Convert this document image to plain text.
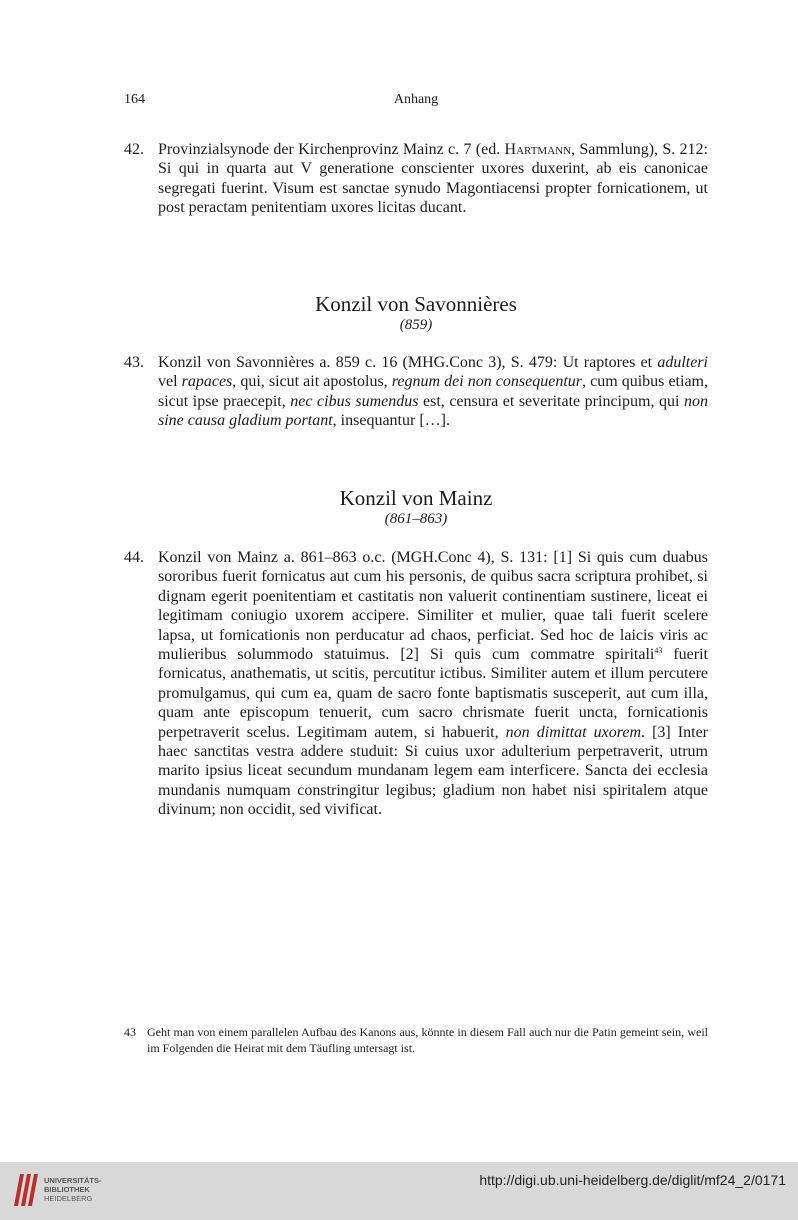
164	Anhang
42. Provinzialsynode der Kirchenprovinz Mainz c. 7 (ed. Hartmann, Sammlung), S. 212: Si qui in quarta aut V generatione conscienter uxores duxerint, ab eis canonicae segregati fuerint. Visum est sanctae synudo Magontiacensi propter fornicationem, ut post peractam penitentiam uxores licitas ducant.
Konzil von Savonnières
(859)
43. Konzil von Savonnières a. 859 c. 16 (MHG.Conc 3), S. 479: Ut raptores et adulteri vel rapaces, qui, sicut ait apostolus, regnum dei non consequentur, cum quibus etiam, sicut ipse praecepit, nec cibus sumendus est, censura et severitate principum, qui non sine causa gladium portant, insequantur […].
Konzil von Mainz
(861–863)
44. Konzil von Mainz a. 861–863 o.c. (MGH.Conc 4), S. 131: [1] Si quis cum duabus sororibus fuerit fornicatus aut cum his personis, de quibus sacra scriptura prohibet, si dignam egerit poenitentiam et castitatis non valuerit continentiam sustinere, liceat ei legitimam coniugio uxorem accipere. Similiter et mulier, quae tali fuerit scelere lapsa, ut fornicationis non perducatur ad chaos, perficiat. Sed hoc de laicis viris ac mulieribus solummodo statuimus. [2] Si quis cum commatre spiritali$^{43}$ fuerit fornicatus, anathematis, ut scitis, percutitur ictibus. Similiter autem et illum percutere promulgamus, qui cum ea, quam de sacro fonte baptismatis susceperit, aut cum illa, quam ante episcopum tenuerit, cum sacro chrismate fuerit uncta, fornicationis perpetraverit scelus. Legitimam autem, si habuerit, non dimittat uxorem. [3] Inter haec sanctitas vestra addere studuit: Si cuius uxor adulterium perpetraverit, utrum marito ipsius liceat secundum mundanam legem eam interficere. Sancta dei ecclesia mundanis numquam constringitur legibus; gladium non habet nisi spiritalem atque divinum; non occidit, sed vivificat.
43 Geht man von einem parallelen Aufbau des Kanons aus, könnte in diesem Fall auch nur die Patin gemeint sein, weil im Folgenden die Heirat mit dem Täufling untersagt ist.
UNIVERSITÄTS-
BIBLIOTHEK
HEIDELBERG
http://digi.ub.uni-heidelberg.de/diglit/mf24_2/0171
